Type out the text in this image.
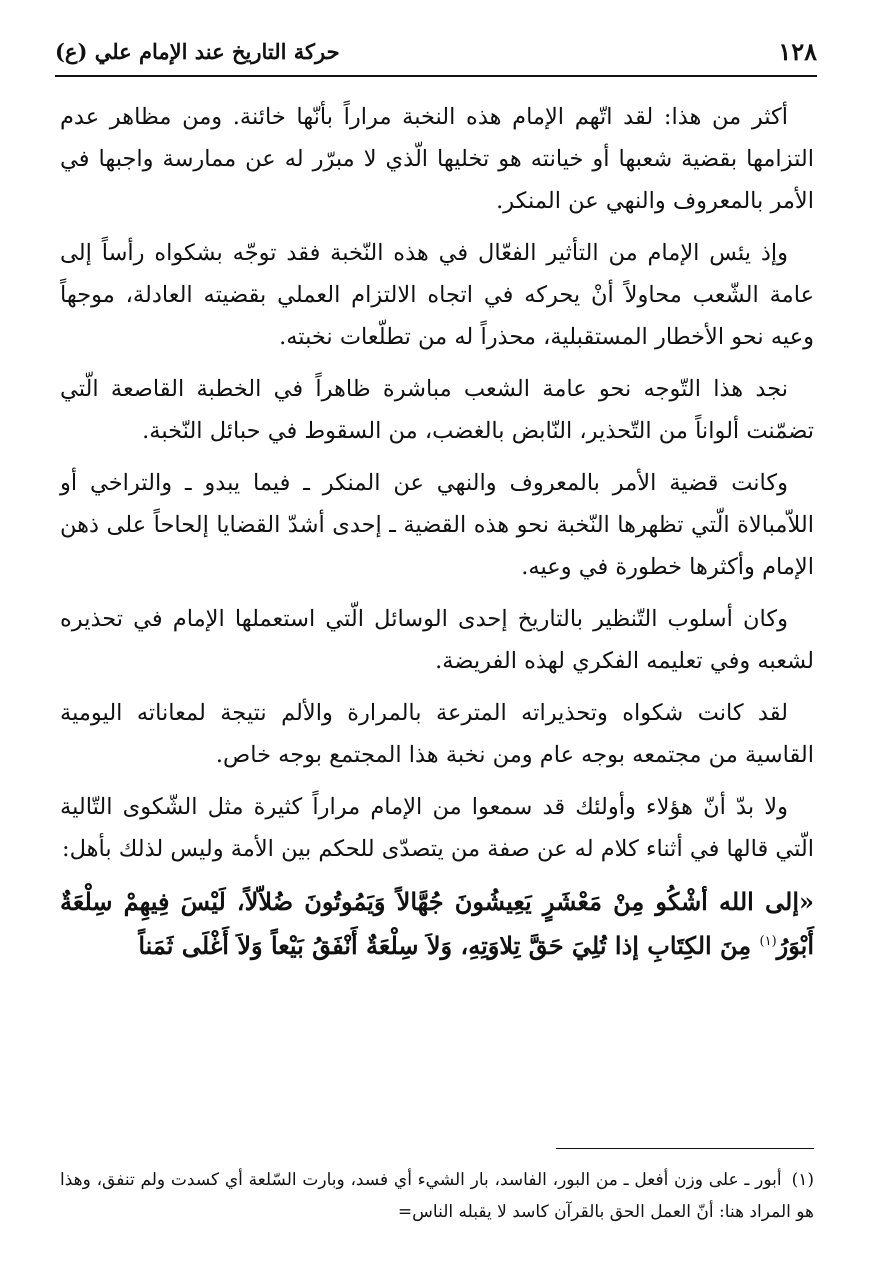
١٢٨
حركة التاريخ عند الإمام علي (ع)

أكثر من هذا: لقد اتّهم الإمام هذه النخبة مراراً بأنّها خائنة. ومن مظاهر عدم التزامها بقضية شعبها أو خيانته هو تخليها الّذي لا مبرّر له عن ممارسة واجبها في الأمر بالمعروف والنهي عن المنكر.

وإذ يئس الإمام من التأثير الفعّال في هذه النّخبة فقد توجّه بشكواه رأساً إلى عامة الشّعب محاولاً أنْ يحركه في اتجاه الالتزام العملي بقضيته العادلة، موجهاً وعيه نحو الأخطار المستقبلية، محذراً له من تطلّعات نخبته.

نجد هذا التّوجه نحو عامة الشعب مباشرة ظاهراً في الخطبة القاصعة الّتي تضمّنت ألواناً من التّحذير، النّابض بالغضب، من السقوط في حبائل النّخبة.

وكانت قضية الأمر بالمعروف والنهي عن المنكر ـ فيما يبدو ـ والتراخي أو اللاّمبالاة الّتي تظهرها النّخبة نحو هذه القضية ـ إحدى أشدّ القضايا إلحاحاً على ذهن الإمام وأكثرها خطورة في وعيه.

وكان أسلوب التّنظير بالتاريخ إحدى الوسائل الّتي استعملها الإمام في تحذيره لشعبه وفي تعليمه الفكري لهذه الفريضة.

لقد كانت شكواه وتحذيراته المترعة بالمرارة والألم نتيجة لمعاناته اليومية القاسية من مجتمعه بوجه عام ومن نخبة هذا المجتمع بوجه خاص.

ولا بدّ أنّ هؤلاء وأولئك قد سمعوا من الإمام مراراً كثيرة مثل الشّكوى التّالية الّتي قالها في أثناء كلام له عن صفة من يتصدّى للحكم بين الأمة وليس لذلك بأهل:

«إلى الله أشْكُو مِنْ مَعْشَرٍ يَعِيشُونَ جُهَّالاً وَيَمُوتُونَ ضُلاّلاً، لَيْسَ فِيهِمْ سِلْعَةٌ أَبْوَرُ$^{(١)}$ مِنَ الكِتَابِ إذا تُلِيَ حَقَّ تِلاوَتِهِ، وَلاَ سِلْعَةٌ أَنْفَقُ بَيْعاً وَلاَ أَغْلَى ثَمَناً

(١)أبور ـ على وزن أفعل ـ من البور، الفاسد، بار الشيء أي فسد، وبارت السّلعة أي كسدت ولم تنفق، وهذا هو المراد هنا: أنّ العمل الحق بالقرآن كاسد لا يقبله الناس=
